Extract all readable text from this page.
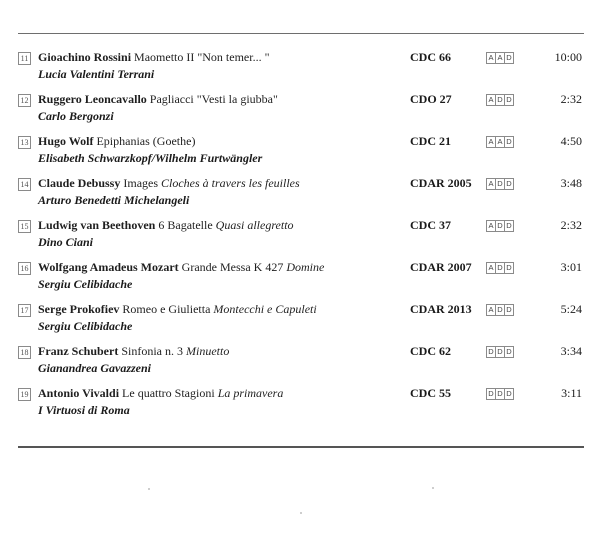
11 Gioachino Rossini Maometto II "Non temer... "
Lucia Valentini Terrani
CDC 66	A A D	10:00
12 Ruggero Leoncavallo Pagliacci "Vesti la giubba"
Carlo Bergonzi
CDO 27	A D D	2:32
13 Hugo Wolf Epiphanias (Goethe)
Elisabeth Schwarzkopf/Wilhelm Furtwängler
CDC 21	A A D	4:50
14 Claude Debussy Images Cloches à travers les feuilles
Arturo Benedetti Michelangeli
CDAR 2005	A D D	3:48
15 Ludwig van Beethoven 6 Bagatelle Quasi allegretto
Dino Ciani
CDC 37	A D D	2:32
16 Wolfgang Amadeus Mozart Grande Messa K 427 Domine
Sergiu Celibidache
CDAR 2007	A D D	3:01
17 Serge Prokofiev Romeo e Giulietta Montecchi e Capuleti
Sergiu Celibidache
CDAR 2013	A D D	5:24
18 Franz Schubert Sinfonia n. 3 Minuetto
Gianandrea Gavazzeni
CDC 62	D D D	3:34
19 Antonio Vivaldi Le quattro Stagioni La primavera
I Virtuosi di Roma
CDC 55	D D D	3:11
